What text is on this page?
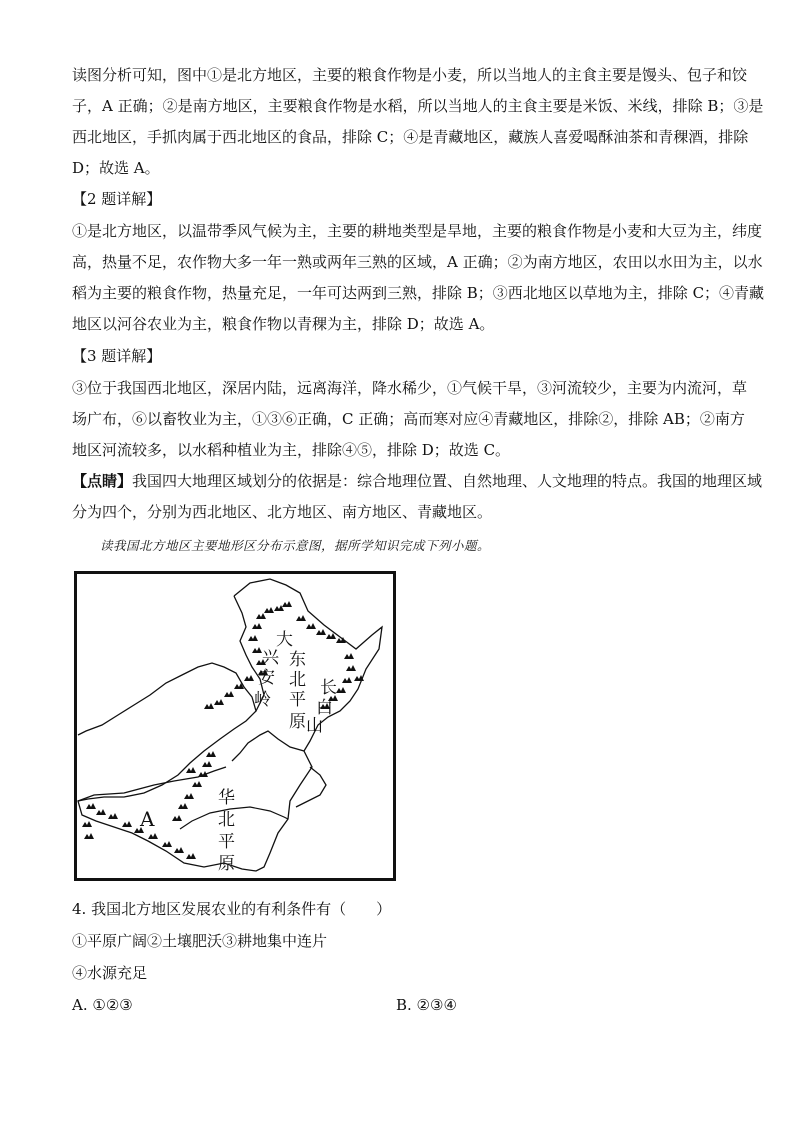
读图分析可知，图中①是北方地区，主要的粮食作物是小麦，所以当地人的主食主要是馒头、包子和饺
子，A 正确；②是南方地区，主要粮食作物是水稻，所以当地人的主食主要是米饭、米线，排除 B；③是
西北地区，手抓肉属于西北地区的食品，排除 C；④是青藏地区，藏族人喜爱喝酥油茶和青稞酒，排除
D；故选 A。
【2 题详解】
①是北方地区，以温带季风气候为主，主要的耕地类型是旱地，主要的粮食作物是小麦和大豆为主，纬度
高，热量不足，农作物大多一年一熟或两年三熟的区域，A 正确；②为南方地区，农田以水田为主，以水
稻为主要的粮食作物，热量充足，一年可达两到三熟，排除 B；③西北地区以草地为主，排除 C；④青藏
地区以河谷农业为主，粮食作物以青稞为主，排除 D；故选 A。
【3 题详解】
③位于我国西北地区，深居内陆，远离海洋，降水稀少，①气候干旱，③河流较少，主要为内流河，草
场广布，⑥以畜牧业为主，①③⑥正确，C 正确；高而寒对应④青藏地区，排除②，排除 AB；②南方
地区河流较多，以水稻种植业为主，排除④⑤，排除 D；故选 C。
【点睛】我国四大地理区域划分的依据是：综合地理位置、自然地理、人文地理的特点。我国的地理区域
分为四个，分别为西北地区、北方地区、南方地区、青藏地区。
读我国北方地区主要地形区分布示意图，据所学知识完成下列小题。
大
兴
安
岭
东
北
平
原
长
白
山
华
北
平
原
A
4. 我国北方地区发展农业的有利条件有（　　）
①平原广阔②土壤肥沃③耕地集中连片
④水源充足
A. ①②③	B. ②③④
